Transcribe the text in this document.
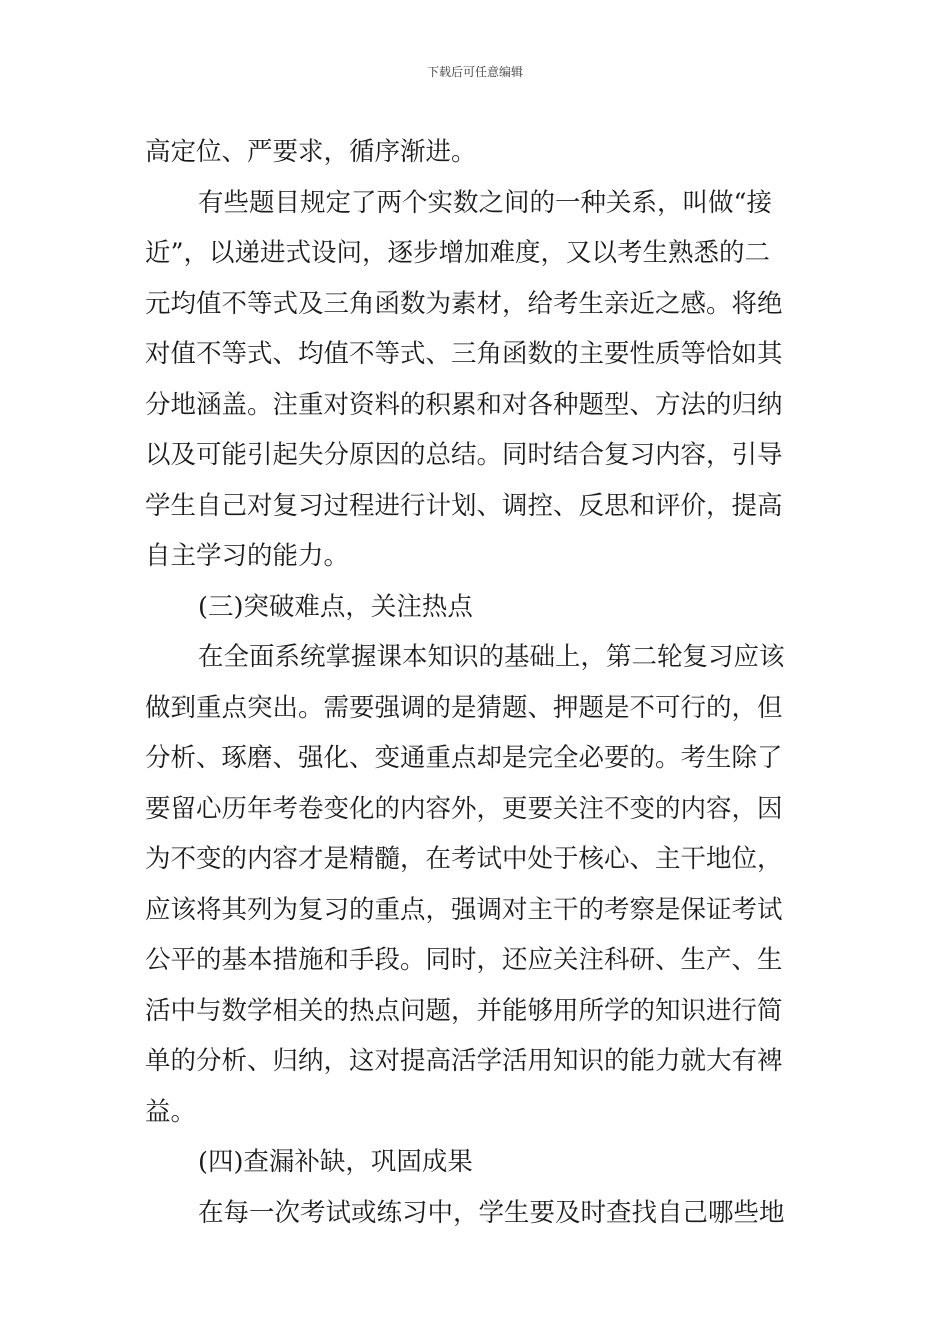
下载后可任意编辑
高定位、严要求，循序渐进。
有些题目规定了两个实数之间的一种关系，叫做“接
近”，以递进式设问，逐步增加难度，又以考生熟悉的二
元均值不等式及三角函数为素材，给考生亲近之感。将绝
对值不等式、均值不等式、三角函数的主要性质等恰如其
分地涵盖。注重对资料的积累和对各种题型、方法的归纳
以及可能引起失分原因的总结。同时结合复习内容，引导
学生自己对复习过程进行计划、调控、反思和评价，提高
自主学习的能力。
(三)突破难点，关注热点
在全面系统掌握课本知识的基础上，第二轮复习应该
做到重点突出。需要强调的是猜题、押题是不可行的，但
分析、琢磨、强化、变通重点却是完全必要的。考生除了
要留心历年考卷变化的内容外，更要关注不变的内容，因
为不变的内容才是精髓，在考试中处于核心、主干地位，
应该将其列为复习的重点，强调对主干的考察是保证考试
公平的基本措施和手段。同时，还应关注科研、生产、生
活中与数学相关的热点问题，并能够用所学的知识进行简
单的分析、归纳，这对提高活学活用知识的能力就大有裨
益。
(四)查漏补缺，巩固成果
在每一次考试或练习中，学生要及时查找自己哪些地
